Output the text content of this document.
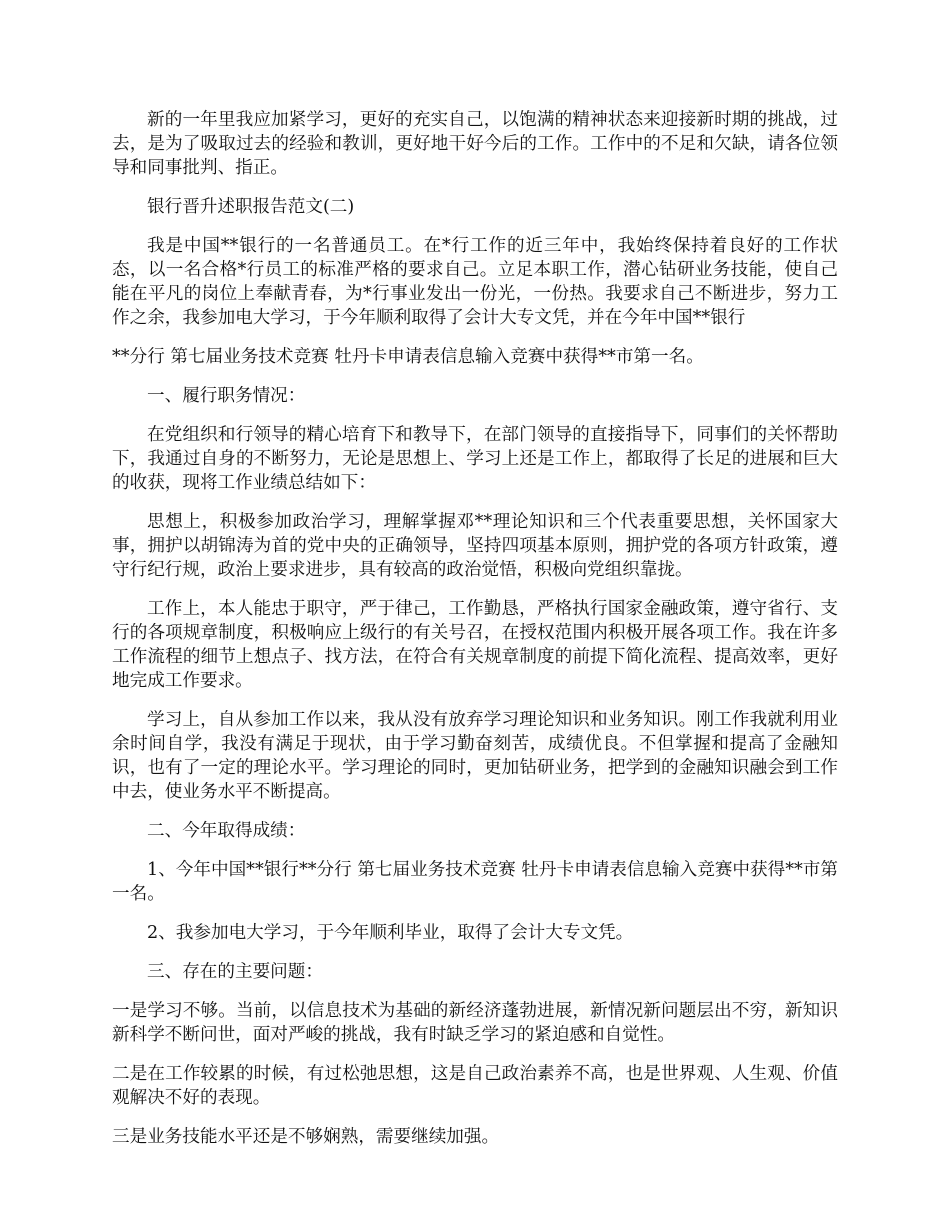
新的一年里我应加紧学习，更好的充实自己，以饱满的精神状态来迎接新时期的挑战，过去，是为了吸取过去的经验和教训，更好地干好今后的工作。工作中的不足和欠缺，请各位领导和同事批判、指正。

银行晋升述职报告范文(二)

我是中国**银行的一名普通员工。在*行工作的近三年中，我始终保持着良好的工作状态，以一名合格*行员工的标准严格的要求自己。立足本职工作，潜心钻研业务技能，使自己能在平凡的岗位上奉献青春，为*行事业发出一份光，一份热。我要求自己不断进步，努力工作之余，我参加电大学习，于今年顺利取得了会计大专文凭，并在今年中国**银行

**分行 第七届业务技术竞赛 牡丹卡申请表信息输入竞赛中获得**市第一名。

一、履行职务情况：

在党组织和行领导的精心培育下和教导下，在部门领导的直接指导下，同事们的关怀帮助下，我通过自身的不断努力，无论是思想上、学习上还是工作上，都取得了长足的进展和巨大的收获，现将工作业绩总结如下：

思想上，积极参加政治学习，理解掌握邓**理论知识和三个代表重要思想，关怀国家大事，拥护以胡锦涛为首的党中央的正确领导，坚持四项基本原则，拥护党的各项方针政策，遵守行纪行规，政治上要求进步，具有较高的政治觉悟，积极向党组织靠拢。

工作上，本人能忠于职守，严于律己，工作勤恳，严格执行国家金融政策，遵守省行、支行的各项规章制度，积极响应上级行的有关号召，在授权范围内积极开展各项工作。我在许多工作流程的细节上想点子、找方法，在符合有关规章制度的前提下简化流程、提高效率，更好地完成工作要求。

学习上，自从参加工作以来，我从没有放弃学习理论知识和业务知识。刚工作我就利用业余时间自学，我没有满足于现状，由于学习勤奋刻苦，成绩优良。不但掌握和提高了金融知识，也有了一定的理论水平。学习理论的同时，更加钻研业务，把学到的金融知识融会到工作中去，使业务水平不断提高。

二、今年取得成绩：

1、今年中国**银行**分行 第七届业务技术竞赛 牡丹卡申请表信息输入竞赛中获得**市第一名。

2、我参加电大学习，于今年顺利毕业，取得了会计大专文凭。

三、存在的主要问题：

一是学习不够。当前，以信息技术为基础的新经济蓬勃进展，新情况新问题层出不穷，新知识新科学不断问世，面对严峻的挑战，我有时缺乏学习的紧迫感和自觉性。

二是在工作较累的时候，有过松弛思想，这是自己政治素养不高，也是世界观、人生观、价值观解决不好的表现。

三是业务技能水平还是不够娴熟，需要继续加强。
